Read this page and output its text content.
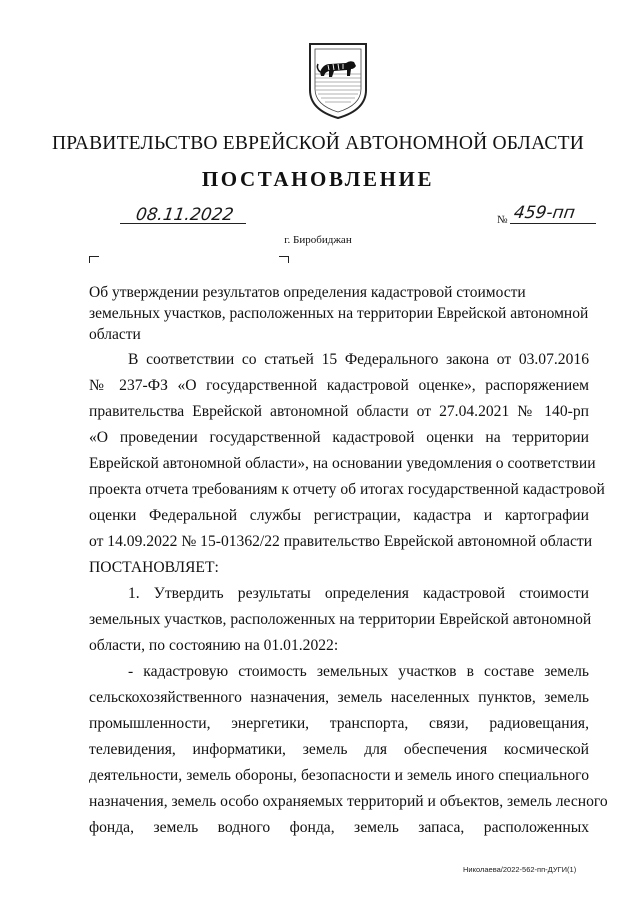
ПРАВИТЕЛЬСТВО ЕВРЕЙСКОЙ АВТОНОМНОЙ ОБЛАСТИ
ПОСТАНОВЛЕНИЕ
08.11.2022	№ 459-пп
г. Биробиджан
Об утверждении результатов определения кадастровой стоимости земельных участков, расположенных на территории Еврейской автономной области
В соответствии со статьей 15 Федерального закона от 03.07.2016
№ 237-ФЗ «О государственной кадастровой оценке», распоряжением
правительства Еврейской автономной области от 27.04.2021 № 140-рп
«О проведении государственной кадастровой оценки на территории
Еврейской автономной области», на основании уведомления о соответствии
проекта отчета требованиям к отчету об итогах государственной кадастровой
оценки Федеральной службы регистрации, кадастра и картографии
от 14.09.2022 № 15-01362/22 правительство Еврейской автономной области
ПОСТАНОВЛЯЕТ:
1. Утвердить результаты определения кадастровой стоимости
земельных участков, расположенных на территории Еврейской автономной
области, по состоянию на 01.01.2022:
- кадастровую стоимость земельных участков в составе земель
сельскохозяйственного назначения, земель населенных пунктов, земель
промышленности, энергетики, транспорта, связи, радиовещания,
телевидения, информатики, земель для обеспечения космической
деятельности, земель обороны, безопасности и земель иного специального
назначения, земель особо охраняемых территорий и объектов, земель лесного
фонда, земель водного фонда, земель запаса, расположенных
Николаева/2022-562-пп-ДУГИ(1)
